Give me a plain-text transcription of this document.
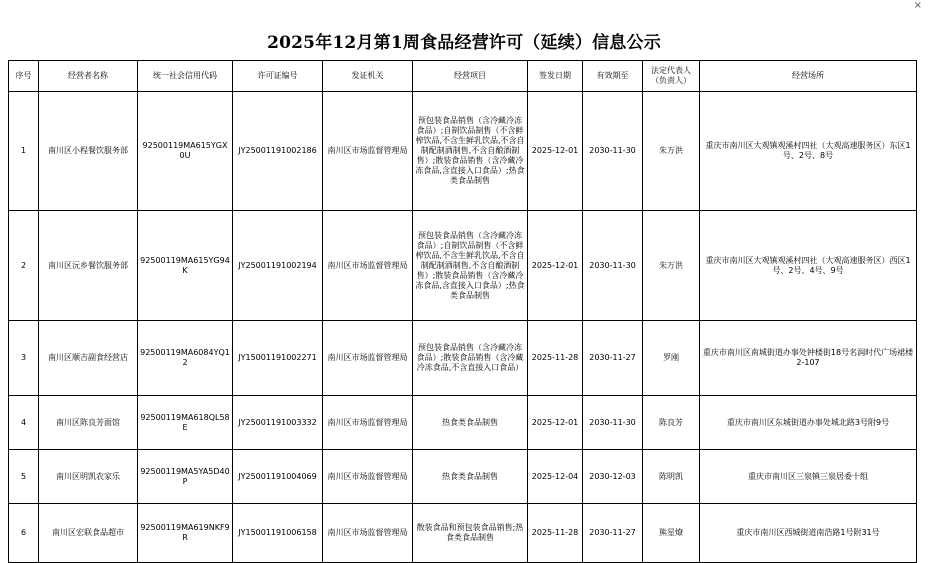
×
2025年12月第1周食品经营许可（延续）信息公示
序号	经营者名称	统一社会信用代码	许可证编号	发证机关	经营项目	签发日期	有效期至	法定代表人（负责人）	经营场所
1	南川区小程餐饮服务部	92500119MA615YGX0U	JY25001191002186	南川区市场监督管理局	预包装食品销售（含冷藏冷冻食品）;自制饮品制售（不含鲜榨饮品,不含生鲜乳饮品,不含自制配制酒制售,不含自酿酒制售）;散装食品销售（含冷藏冷冻食品,含直接入口食品）;热食类食品制售	2025-12-01	2030-11-30	朱万洪	重庆市南川区大观镇观溪村四社（大观高速服务区）东区1号、2号、8号
2	南川区沅乡餐饮服务部	92500119MA615YG94K	JY25001191002194	南川区市场监督管理局	预包装食品销售（含冷藏冷冻食品）;自制饮品制售（不含鲜榨饮品,不含生鲜乳饮品,不含自制配制酒制售,不含自酿酒制售）;散装食品销售（含冷藏冷冻食品,含直接入口食品）;热食类食品制售	2025-12-01	2030-11-30	朱万洪	重庆市南川区大观镇观溪村四社（大观高速服务区）西区1号、2号、4号、9号
3	南川区顺吉副食经营店	92500119MA6084YQ12	JY15001191002271	南川区市场监督管理局	预包装食品销售（含冷藏冷冻食品）;散装食品销售（含冷藏冷冻食品,不含直接入口食品）	2025-11-28	2030-11-27	罗刚	重庆市南川区南城街道办事处钟楼街18号名润时代广场裙楼2-107
4	南川区陈良芳面馆	92500119MA618QL58E	JY25001191003332	南川区市场监督管理局	热食类食品制售	2025-12-01	2030-11-30	陈良芳	重庆市南川区东城街道办事处城北路3号附9号
5	南川区明凯农家乐	92500119MA5YA5D40P	JY25001191004069	南川区市场监督管理局	热食类食品制售	2025-12-04	2030-12-03	陈明凯	重庆市南川区三泉镇三泉居委十组
6	南川区宏联食品超市	92500119MA619NKF9R	JY15001191006158	南川区市场监督管理局	散装食品和预包装食品销售;热食类食品制售	2025-11-28	2030-11-27	熊星燎	重庆市南川区西城街道南浩路1号附31号
